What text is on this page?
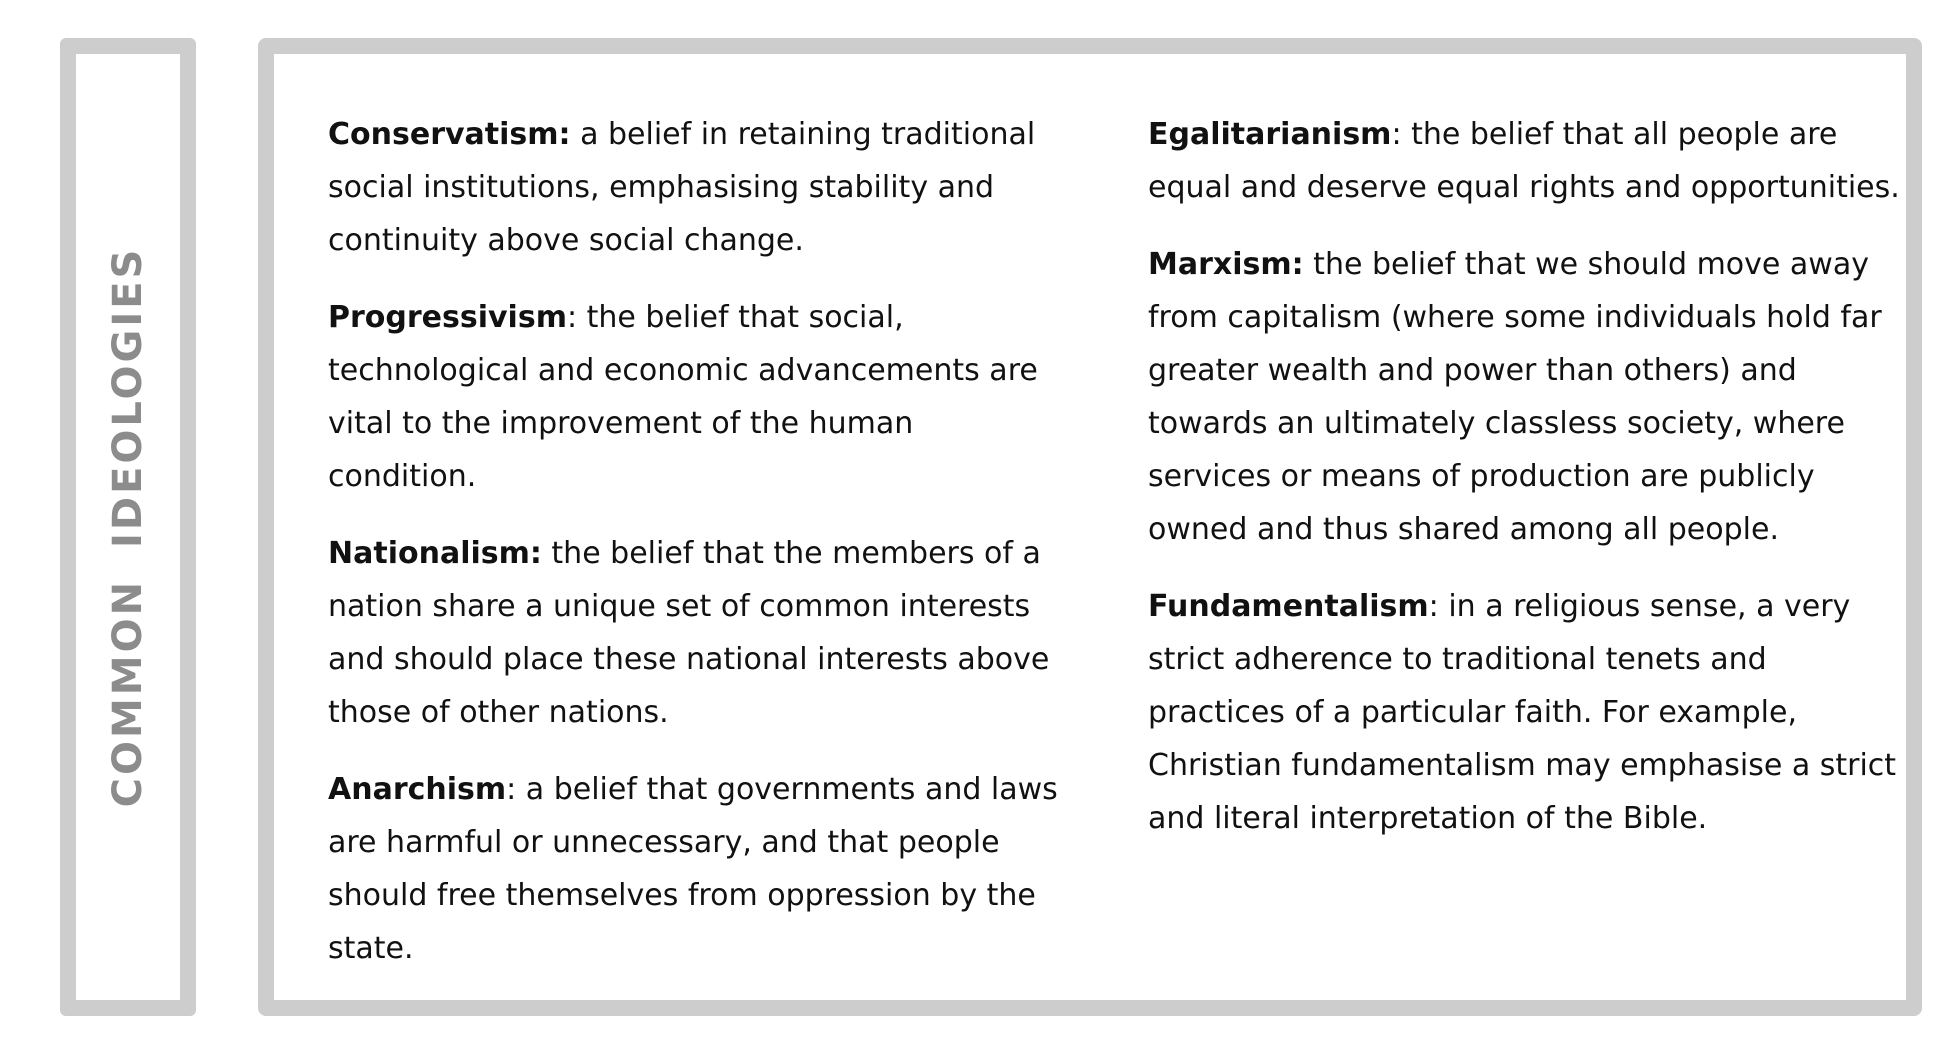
COMMON IDEOLOGIES

Conservatism: a belief in retaining traditional social institutions, emphasising stability and continuity above social change.

Progressivism: the belief that social, technological and economic advancements are vital to the improvement of the human condition.

Nationalism: the belief that the members of a nation share a unique set of common interests and should place these national interests above those of other nations.

Anarchism: a belief that governments and laws are harmful or unnecessary, and that people should free themselves from oppression by the state.

Egalitarianism: the belief that all people are equal and deserve equal rights and opportunities.

Marxism: the belief that we should move away from capitalism (where some individuals hold far greater wealth and power than others) and towards an ultimately classless society, where services or means of production are publicly owned and thus shared among all people.

Fundamentalism: in a religious sense, a very strict adherence to traditional tenets and practices of a particular faith. For example, Christian fundamentalism may emphasise a strict and literal interpretation of the Bible.
